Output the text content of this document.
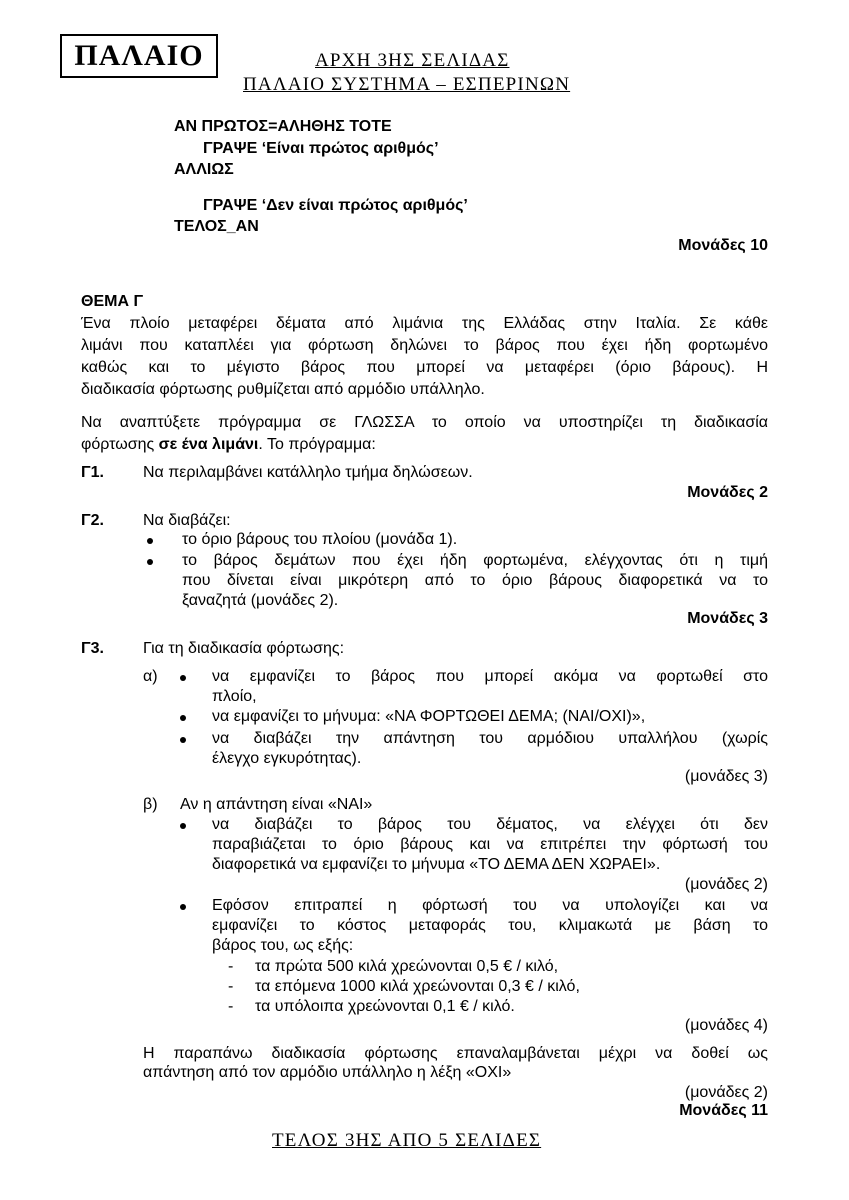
ΠΑΛΑΙΟ	ΑΡΧΗ 3ΗΣ ΣΕΛΙΔΑΣ
ΠΑΛΑΙΟ ΣΥΣΤΗΜΑ – ΕΣΠΕΡΙΝΩΝ
ΑΝ ΠΡΩΤΟΣ=ΑΛΗΘΗΣ ΤΟΤΕ
ΓΡΑΨΕ ‘Είναι πρώτος αριθμός’
ΑΛΛΙΩΣ
ΓΡΑΨΕ ‘Δεν είναι πρώτος αριθμός’
ΤΕΛΟΣ_ΑΝ
Μονάδες 10
ΘΕΜΑ Γ
Ένα πλοίο μεταφέρει δέματα από λιμάνια της Ελλάδας στην Ιταλία. Σε κάθε
λιμάνι που καταπλέει για φόρτωση δηλώνει το βάρος που έχει ήδη φορτωμένο
καθώς και το μέγιστο βάρος που μπορεί να μεταφέρει (όριο βάρους). Η
διαδικασία φόρτωσης ρυθμίζεται από αρμόδιο υπάλληλο.
Να αναπτύξετε πρόγραμμα σε ΓΛΩΣΣΑ το οποίο να υποστηρίζει τη διαδικασία
φόρτωσης σε ένα λιμάνι. Το πρόγραμμα:
Γ1. Να περιλαμβάνει κατάλληλο τμήμα δηλώσεων.
Μονάδες 2
Γ2. Να διαβάζει:
το όριο βάρους του πλοίου (μονάδα 1).
το βάρος δεμάτων που έχει ήδη φορτωμένα, ελέγχοντας ότι η τιμή
που δίνεται είναι μικρότερη από το όριο βάρους διαφορετικά να το
ξαναζητά (μονάδες 2).
Μονάδες 3
Γ3. Για τη διαδικασία φόρτωσης:
α)	να εμφανίζει το βάρος που μπορεί ακόμα να φορτωθεί στο
πλοίο,
να εμφανίζει το μήνυμα: «ΝΑ ΦΟΡΤΩΘΕΙ ΔΕΜΑ; (ΝΑΙ/ΟΧΙ)»,
να διαβάζει την απάντηση του αρμόδιου υπαλλήλου (χωρίς
έλεγχο εγκυρότητας).
(μονάδες 3)
β) Αν η απάντηση είναι «ΝΑΙ»
να διαβάζει το βάρος του δέματος, να ελέγχει ότι δεν
παραβιάζεται το όριο βάρους και να επιτρέπει την φόρτωσή του
διαφορετικά να εμφανίζει το μήνυμα «ΤΟ ΔΕΜΑ ΔΕΝ ΧΩΡΑΕΙ».
(μονάδες 2)
Εφόσον επιτραπεί η φόρτωσή του να υπολογίζει και να
εμφανίζει το κόστος μεταφοράς του, κλιμακωτά με βάση το
βάρος του, ως εξής:
- τα πρώτα 500 κιλά χρεώνονται 0,5 € / κιλό,
- τα επόμενα 1000 κιλά χρεώνονται 0,3 € / κιλό,
- τα υπόλοιπα χρεώνονται 0,1 € / κιλό.
(μονάδες 4)
Η παραπάνω διαδικασία φόρτωσης επαναλαμβάνεται μέχρι να δοθεί ως
απάντηση από τον αρμόδιο υπάλληλο η λέξη «ΟΧΙ»
(μονάδες 2)
Μονάδες 11
ΤΕΛΟΣ 3ΗΣ ΑΠΟ 5 ΣΕΛΙΔΕΣ
